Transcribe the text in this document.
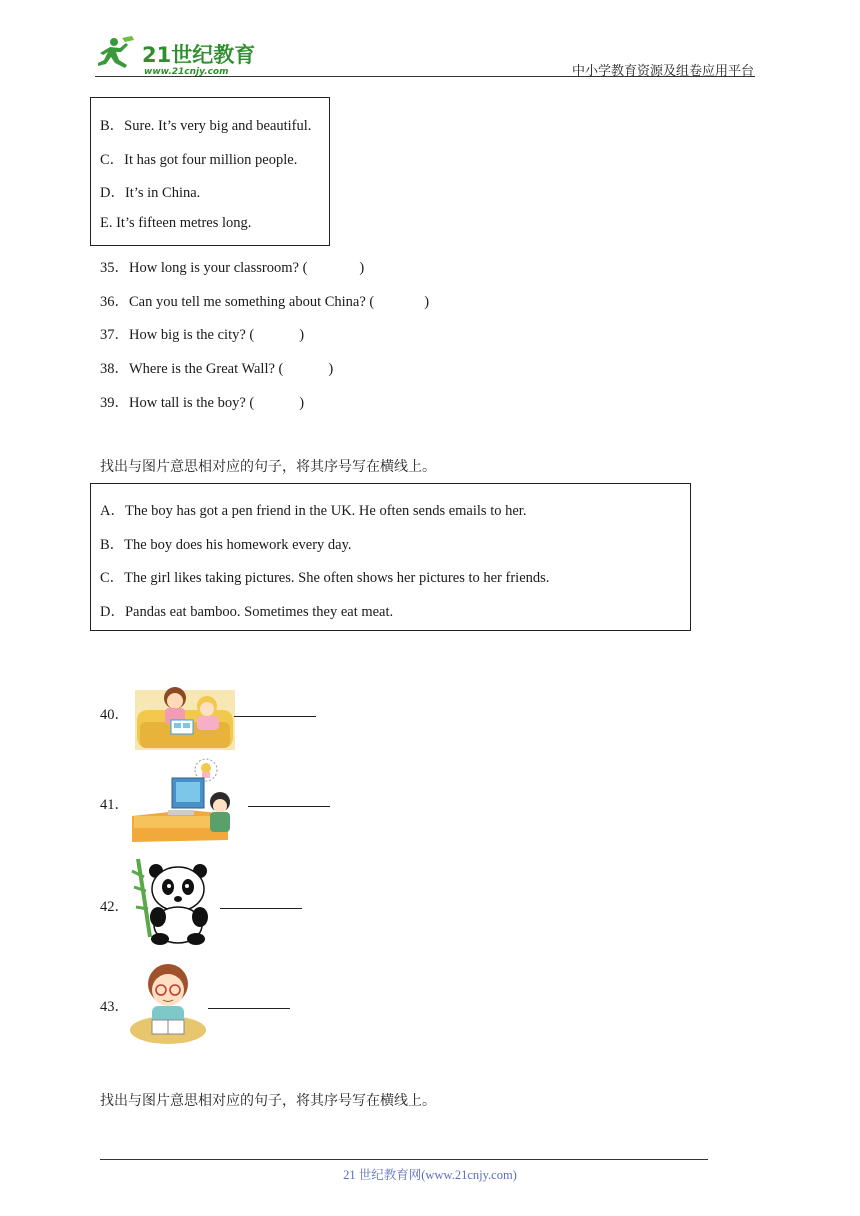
21世纪教育
www.21cnjy.com	中小学教育资源及组卷应用平台
B．Sure. It’s very big and beautiful.
C．It has got four million people.
D．It’s in China.
E. It’s fifteen metres long.
35．How long is your classroom? (	)
36．Can you tell me something about China? (	)
37．How big is the city? (	)
38．Where is the Great Wall? (	)
39．How tall is the boy? (	)
找出与图片意思相对应的句子，将其序号写在横线上。
A．The boy has got a pen friend in the UK. He often sends emails to her.
B．The boy does his homework every day.
C．The girl likes taking pictures. She often shows her pictures to her friends.
D．Pandas eat bamboo. Sometimes they eat meat.
40．
41．
42．
43．
找出与图片意思相对应的句子，将其序号写在横线上。
21 世纪教育网(www.21cnjy.com)
